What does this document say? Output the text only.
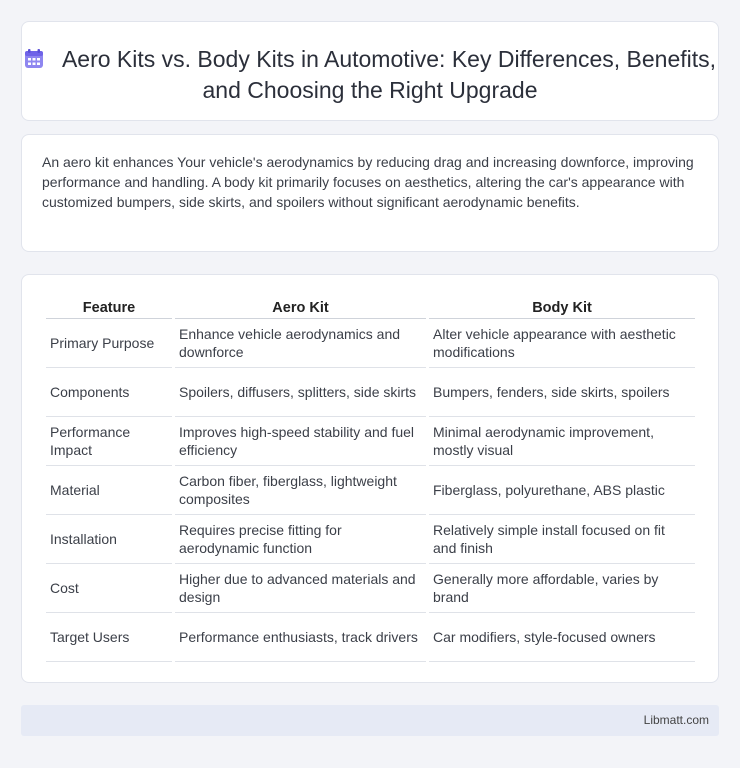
Aero Kits vs. Body Kits in Automotive: Key Differences, Benefits, and Choosing the Right Upgrade

An aero kit enhances Your vehicle's aerodynamics by reducing drag and increasing downforce, improving performance and handling. A body kit primarily focuses on aesthetics, altering the car's appearance with customized bumpers, side skirts, and spoilers without significant aerodynamic benefits.

Feature	Aero Kit	Body Kit
Primary Purpose	Enhance vehicle aerodynamics and downforce	Alter vehicle appearance with aesthetic modifications
Components	Spoilers, diffusers, splitters, side skirts	Bumpers, fenders, side skirts, spoilers
Performance Impact	Improves high-speed stability and fuel efficiency	Minimal aerodynamic improvement, mostly visual
Material	Carbon fiber, fiberglass, lightweight composites	Fiberglass, polyurethane, ABS plastic
Installation	Requires precise fitting for aerodynamic function	Relatively simple install focused on fit and finish
Cost	Higher due to advanced materials and design	Generally more affordable, varies by brand
Target Users	Performance enthusiasts, track drivers	Car modifiers, style-focused owners
Libmatt.com
